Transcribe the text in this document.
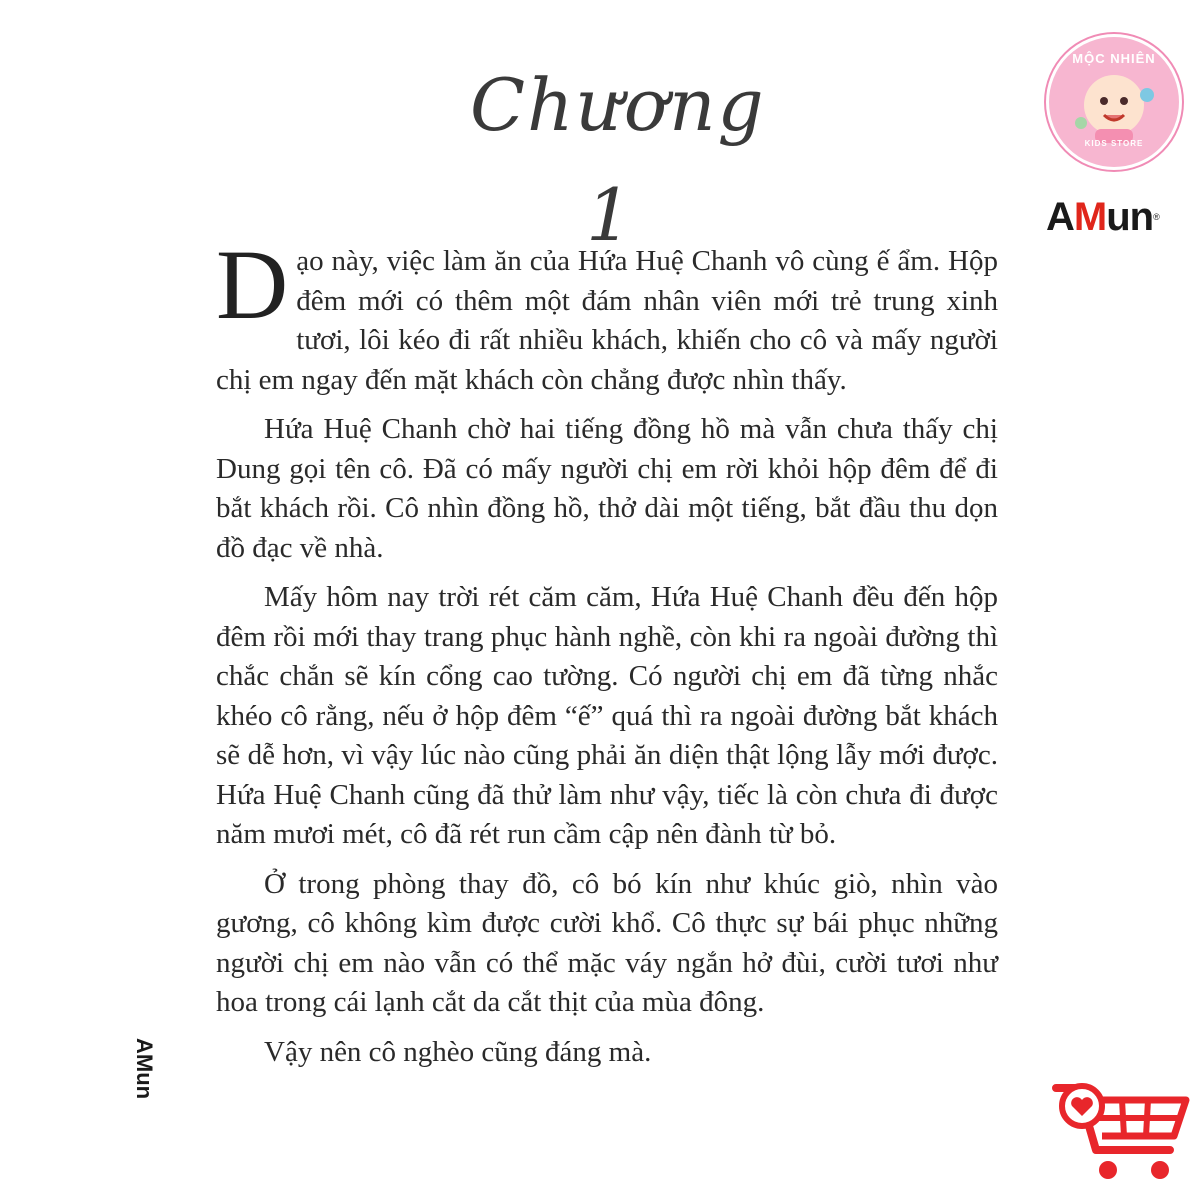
Chương 1

Dạo này, việc làm ăn của Hứa Huệ Chanh vô cùng ế ẩm. Hộp đêm mới có thêm một đám nhân viên mới trẻ trung xinh tươi, lôi kéo đi rất nhiều khách, khiến cho cô và mấy người chị em ngay đến mặt khách còn chẳng được nhìn thấy.

Hứa Huệ Chanh chờ hai tiếng đồng hồ mà vẫn chưa thấy chị Dung gọi tên cô. Đã có mấy người chị em rời khỏi hộp đêm để đi bắt khách rồi. Cô nhìn đồng hồ, thở dài một tiếng, bắt đầu thu dọn đồ đạc về nhà.

Mấy hôm nay trời rét căm căm, Hứa Huệ Chanh đều đến hộp đêm rồi mới thay trang phục hành nghề, còn khi ra ngoài đường thì chắc chắn sẽ kín cổng cao tường. Có người chị em đã từng nhắc khéo cô rằng, nếu ở hộp đêm “ế” quá thì ra ngoài đường bắt khách sẽ dễ hơn, vì vậy lúc nào cũng phải ăn diện thật lộng lẫy mới được. Hứa Huệ Chanh cũng đã thử làm như vậy, tiếc là còn chưa đi được năm mươi mét, cô đã rét run cầm cập nên đành từ bỏ.

Ở trong phòng thay đồ, cô bó kín như khúc giò, nhìn vào gương, cô không kìm được cười khổ. Cô thực sự bái phục những người chị em nào vẫn có thể mặc váy ngắn hở đùi, cười tươi như hoa trong cái lạnh cắt da cắt thịt của mùa đông.

Vậy nên cô nghèo cũng đáng mà.

MỘC NHIÊN
KIDS STORE
AMun®
AMun
